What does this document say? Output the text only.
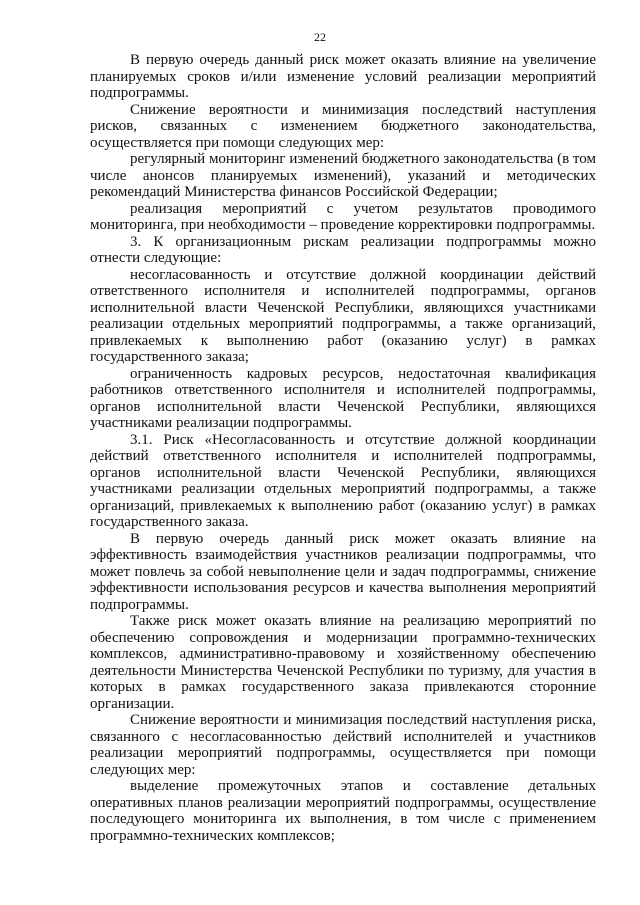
22

В первую очередь данный риск может оказать влияние на увеличение планируемых сроков и/или изменение условий реализации мероприятий подпрограммы.

Снижение вероятности и минимизация последствий наступления рисков, связанных с изменением бюджетного законодательства, осуществляется при помощи следующих мер:

регулярный мониторинг изменений бюджетного законодательства (в том числе анонсов планируемых изменений), указаний и методических рекомендаций Министерства финансов Российской Федерации;

реализация мероприятий с учетом результатов проводимого мониторинга, при необходимости – проведение корректировки подпрограммы.

3. К организационным рискам реализации подпрограммы можно отнести следующие:

несогласованность и отсутствие должной координации действий ответственного исполнителя и исполнителей подпрограммы, органов исполнительной власти Чеченской Республики, являющихся участниками реализации отдельных мероприятий подпрограммы, а также организаций, привлекаемых к выполнению работ (оказанию услуг) в рамках государственного заказа;

ограниченность кадровых ресурсов, недостаточная квалификация работников ответственного исполнителя и исполнителей подпрограммы, органов исполнительной власти Чеченской Республики, являющихся участниками реализации подпрограммы.

3.1. Риск «Несогласованность и отсутствие должной координации действий ответственного исполнителя и исполнителей подпрограммы, органов исполнительной власти Чеченской Республики, являющихся участниками реализации отдельных мероприятий подпрограммы, а также организаций, привлекаемых к выполнению работ (оказанию услуг) в рамках государственного заказа.

В первую очередь данный риск может оказать влияние на эффективность взаимодействия участников реализации подпрограммы, что может повлечь за собой невыполнение цели и задач подпрограммы, снижение эффективности использования ресурсов и качества выполнения мероприятий подпрограммы.

Также риск может оказать влияние на реализацию мероприятий по обеспечению сопровождения и модернизации программно-технических комплексов, административно-правовому и хозяйственному обеспечению деятельности Министерства Чеченской Республики по туризму, для участия в которых в рамках государственного заказа привлекаются сторонние организации.

Снижение вероятности и минимизация последствий наступления риска, связанного с несогласованностью действий исполнителей и участников реализации мероприятий подпрограммы, осуществляется при помощи следующих мер:

выделение промежуточных этапов и составление детальных оперативных планов реализации мероприятий подпрограммы, осуществление последующего мониторинга их выполнения, в том числе с применением программно-технических комплексов;
